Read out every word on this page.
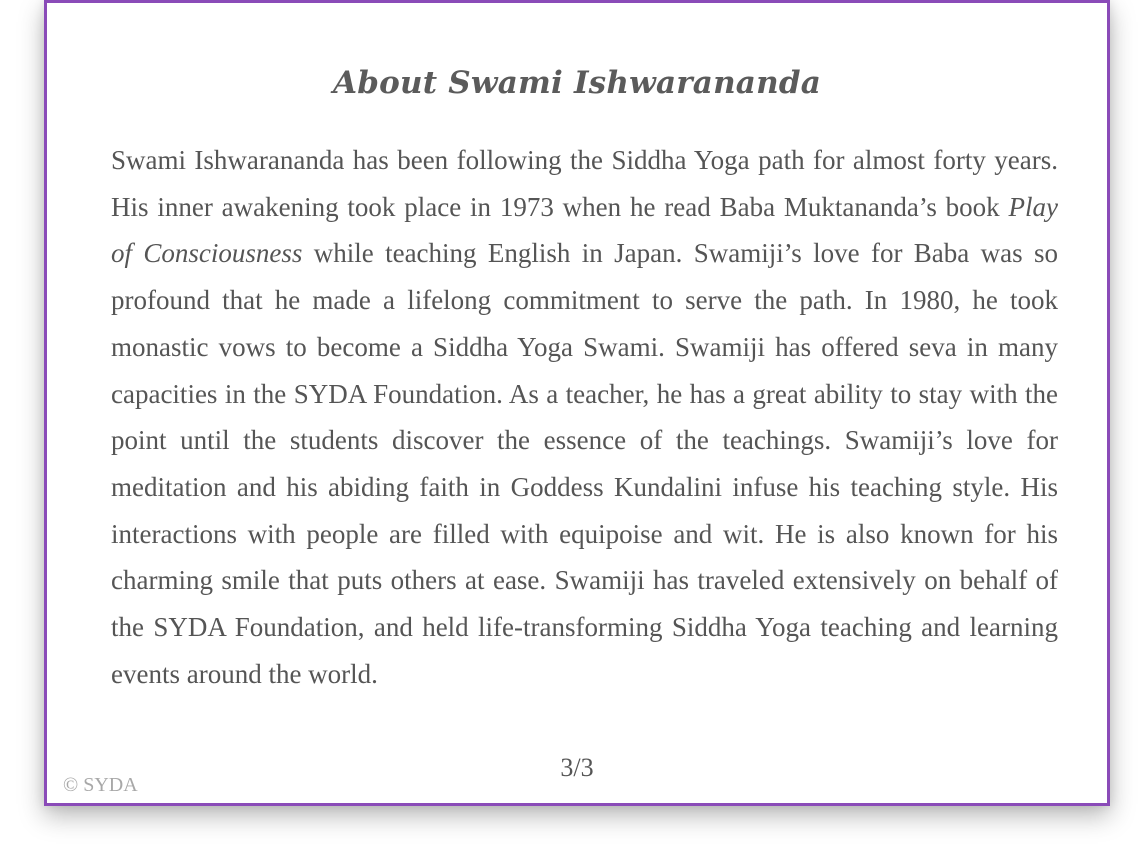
About Swami Ishwarananda

Swami Ishwarananda has been following the Siddha Yoga path for almost forty years. His inner awakening took place in 1973 when he read Baba Muktananda’s book Play of Consciousness while teaching English in Japan. Swamiji’s love for Baba was so profound that he made a lifelong commitment to serve the path. In 1980, he took monastic vows to become a Siddha Yoga Swami. Swamiji has offered seva in many capacities in the SYDA Foundation. As a teacher, he has a great ability to stay with the point until the students discover the essence of the teachings. Swamiji’s love for meditation and his abiding faith in Goddess Kundalini infuse his teaching style. His interactions with people are filled with equipoise and wit. He is also known for his charming smile that puts others at ease. Swamiji has traveled extensively on behalf of the SYDA Foundation, and held life-transforming Siddha Yoga teaching and learning events around the world.

3/3
© SYDA
